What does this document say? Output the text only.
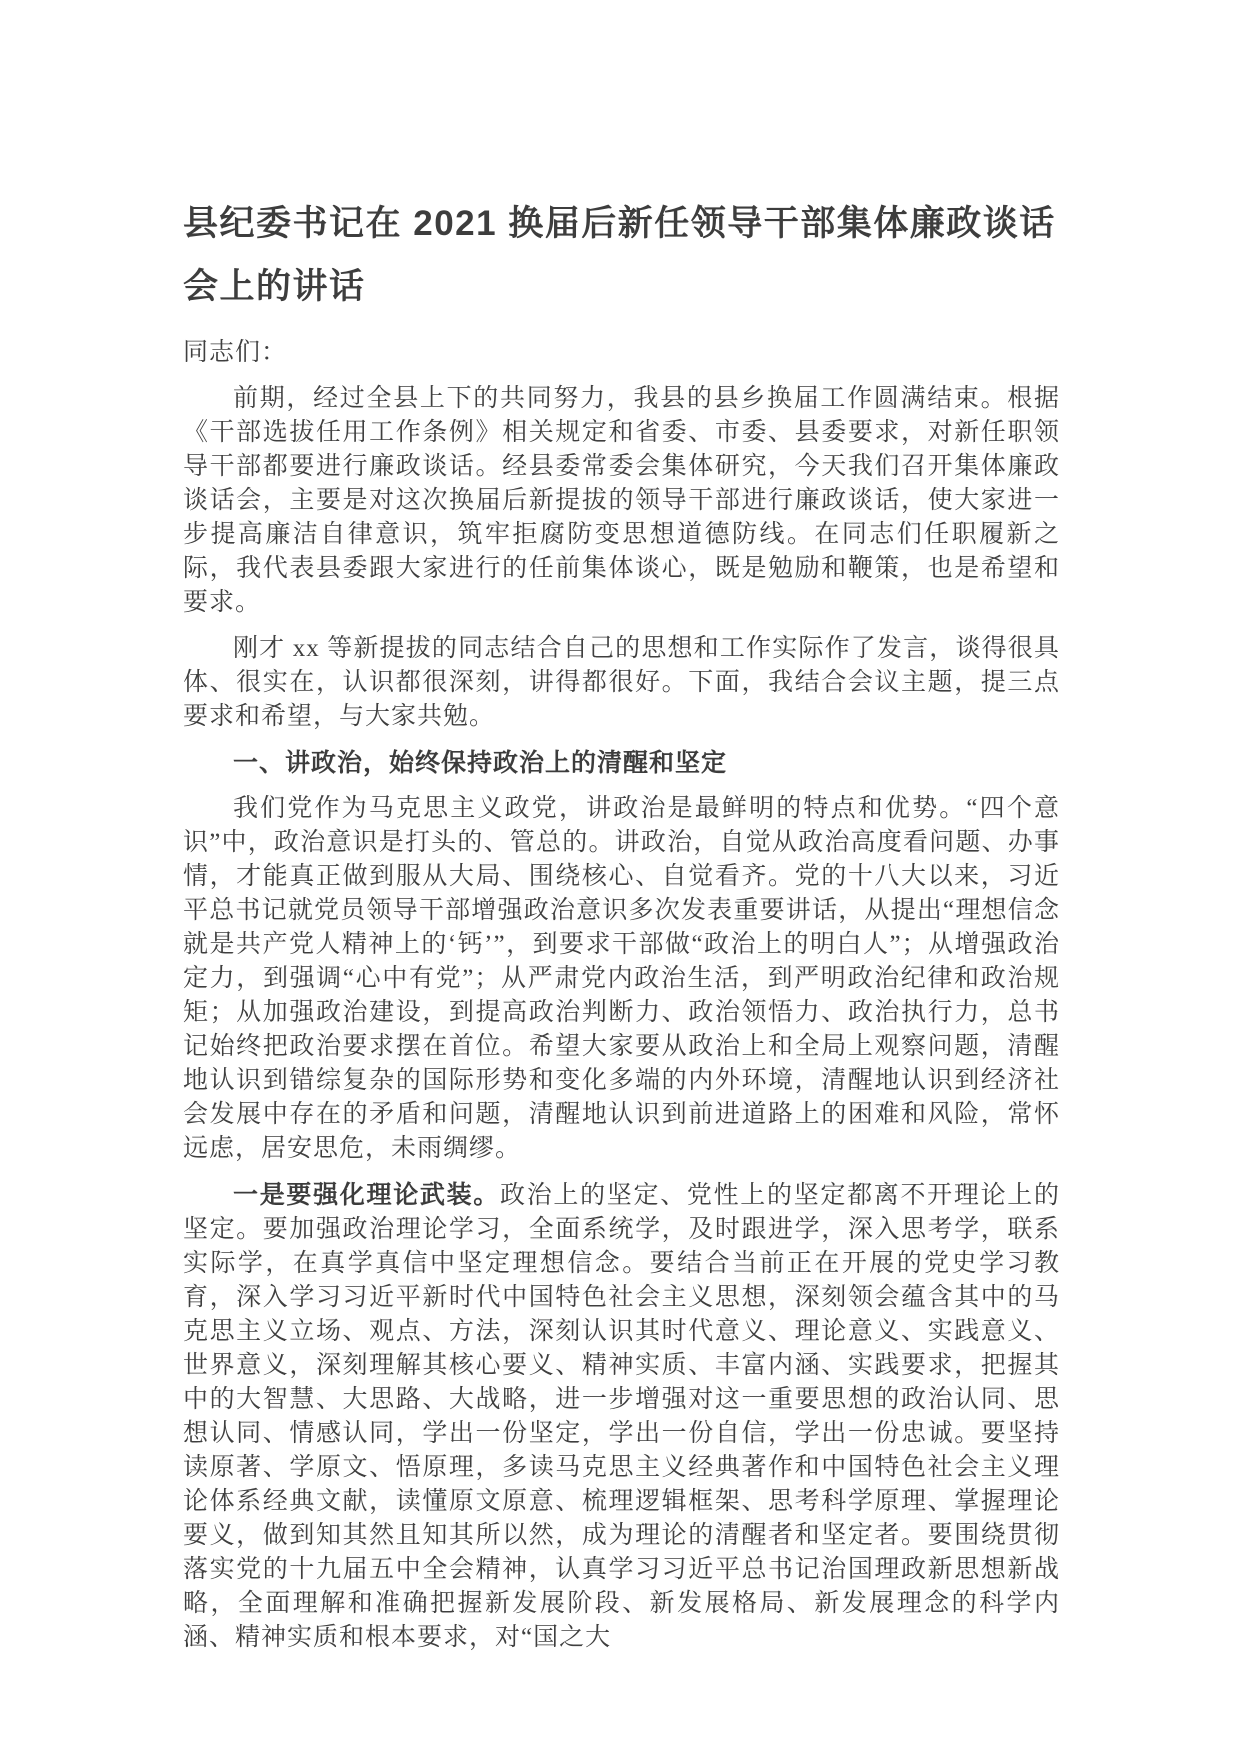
县纪委书记在 2021 换届后新任领导干部集体廉政谈话会上的讲话

同志们：

前期，经过全县上下的共同努力，我县的县乡换届工作圆满结束。根据《干部选拔任用工作条例》相关规定和省委、市委、县委要求，对新任职领导干部都要进行廉政谈话。经县委常委会集体研究，今天我们召开集体廉政谈话会，主要是对这次换届后新提拔的领导干部进行廉政谈话，使大家进一步提高廉洁自律意识，筑牢拒腐防变思想道德防线。在同志们任职履新之际，我代表县委跟大家进行的任前集体谈心，既是勉励和鞭策，也是希望和要求。

刚才 xx 等新提拔的同志结合自己的思想和工作实际作了发言，谈得很具体、很实在，认识都很深刻，讲得都很好。下面，我结合会议主题，提三点要求和希望，与大家共勉。

一、讲政治，始终保持政治上的清醒和坚定

我们党作为马克思主义政党，讲政治是最鲜明的特点和优势。“四个意识”中，政治意识是打头的、管总的。讲政治，自觉从政治高度看问题、办事情，才能真正做到服从大局、围绕核心、自觉看齐。党的十八大以来，习近平总书记就党员领导干部增强政治意识多次发表重要讲话，从提出“理想信念就是共产党人精神上的‘钙’”，到要求干部做“政治上的明白人”；从增强政治定力，到强调“心中有党”；从严肃党内政治生活，到严明政治纪律和政治规矩；从加强政治建设，到提高政治判断力、政治领悟力、政治执行力，总书记始终把政治要求摆在首位。希望大家要从政治上和全局上观察问题，清醒地认识到错综复杂的国际形势和变化多端的内外环境，清醒地认识到经济社会发展中存在的矛盾和问题，清醒地认识到前进道路上的困难和风险，常怀远虑，居安思危，未雨绸缪。

一是要强化理论武装。政治上的坚定、党性上的坚定都离不开理论上的坚定。要加强政治理论学习，全面系统学，及时跟进学，深入思考学，联系实际学，在真学真信中坚定理想信念。要结合当前正在开展的党史学习教育，深入学习习近平新时代中国特色社会主义思想，深刻领会蕴含其中的马克思主义立场、观点、方法，深刻认识其时代意义、理论意义、实践意义、世界意义，深刻理解其核心要义、精神实质、丰富内涵、实践要求，把握其中的大智慧、大思路、大战略，进一步增强对这一重要思想的政治认同、思想认同、情感认同，学出一份坚定，学出一份自信，学出一份忠诚。要坚持读原著、学原文、悟原理，多读马克思主义经典著作和中国特色社会主义理论体系经典文献，读懂原文原意、梳理逻辑框架、思考科学原理、掌握理论要义，做到知其然且知其所以然，成为理论的清醒者和坚定者。要围绕贯彻落实党的十九届五中全会精神，认真学习习近平总书记治国理政新思想新战略，全面理解和准确把握新发展阶段、新发展格局、新发展理念的科学内涵、精神实质和根本要求，对“国之大
